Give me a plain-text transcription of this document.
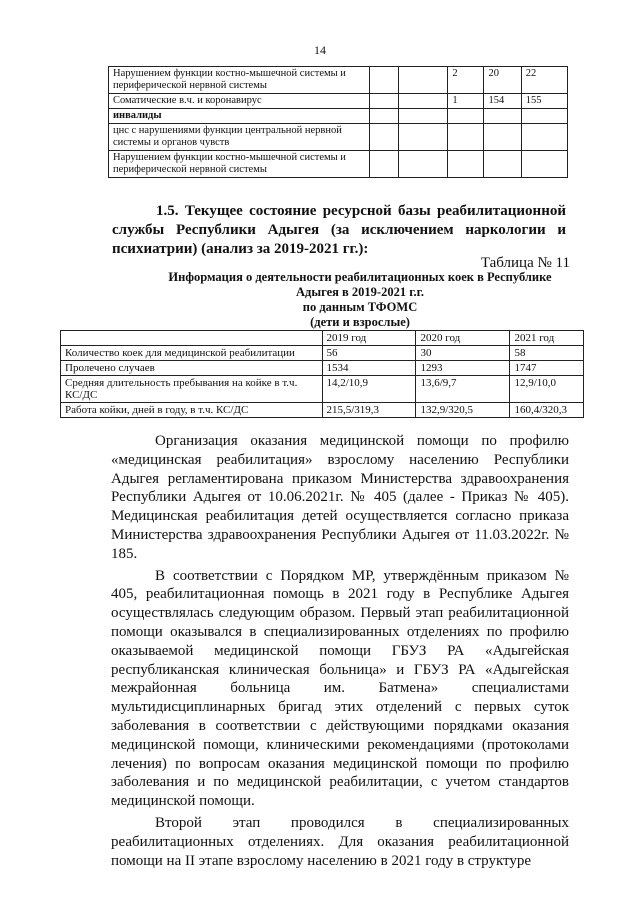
14
Нарушением функции костно-мышечной системы и периферической нервной системы			2	20	22
Соматические в.ч. и коронавирус			1	154	155
инвалиды					
цнс с нарушениями функции центральной нервной системы и органов чувств					
Нарушением функции костно-мышечной системы и периферической нервной системы					
1.5. Текущее состояние ресурсной базы реабилитационной службы Республики Адыгея (за исключением наркологии и психиатрии) (анализ за 2019-2021 гг.):
Таблица № 11
Информация о деятельности реабилитационных коек в Республике
Адыгея в 2019-2021 г.г.
по данным ТФОМС
(дети и взрослые)
	2019 год	2020 год	2021 год
Количество коек для медицинской реабилитации	56	30	58
Пролечено случаев	1534	1293	1747
Средняя длительность пребывания на койке в т.ч. КС/ДС	14,2/10,9	13,6/9,7	12,9/10,0
Работа койки, дней в году, в т.ч. КС/ДС	215,5/319,3	132,9/320,5	160,4/320,3

Организация оказания медицинской помощи по профилю «медицинская реабилитация» взрослому населению Республики Адыгея регламентирована приказом Министерства здравоохранения Республики Адыгея от 10.06.2021г. № 405 (далее - Приказ № 405). Медицинская реабилитация детей осуществляется согласно приказа Министерства здравоохранения Республики Адыгея от 11.03.2022г. № 185.

В соответствии с Порядком МР, утверждённым приказом № 405, реабилитационная помощь в 2021 году в Республике Адыгея осуществлялась следующим образом. Первый этап реабилитационной помощи оказывался в специализированных отделениях по профилю оказываемой медицинской помощи ГБУЗ РА «Адыгейская республиканская клиническая больница» и ГБУЗ РА «Адыгейская межрайонная больница им. Батмена» специалистами мультидисциплинарных бригад этих отделений с первых суток заболевания в соответствии с действующими порядками оказания медицинской помощи, клиническими рекомендациями (протоколами лечения) по вопросам оказания медицинской помощи по профилю заболевания и по медицинской реабилитации, с учетом стандартов медицинской помощи.

Второй этап проводился в специализированных реабилитационных отделениях. Для оказания реабилитационной помощи на II этапе взрослому населению в 2021 году в структуре
